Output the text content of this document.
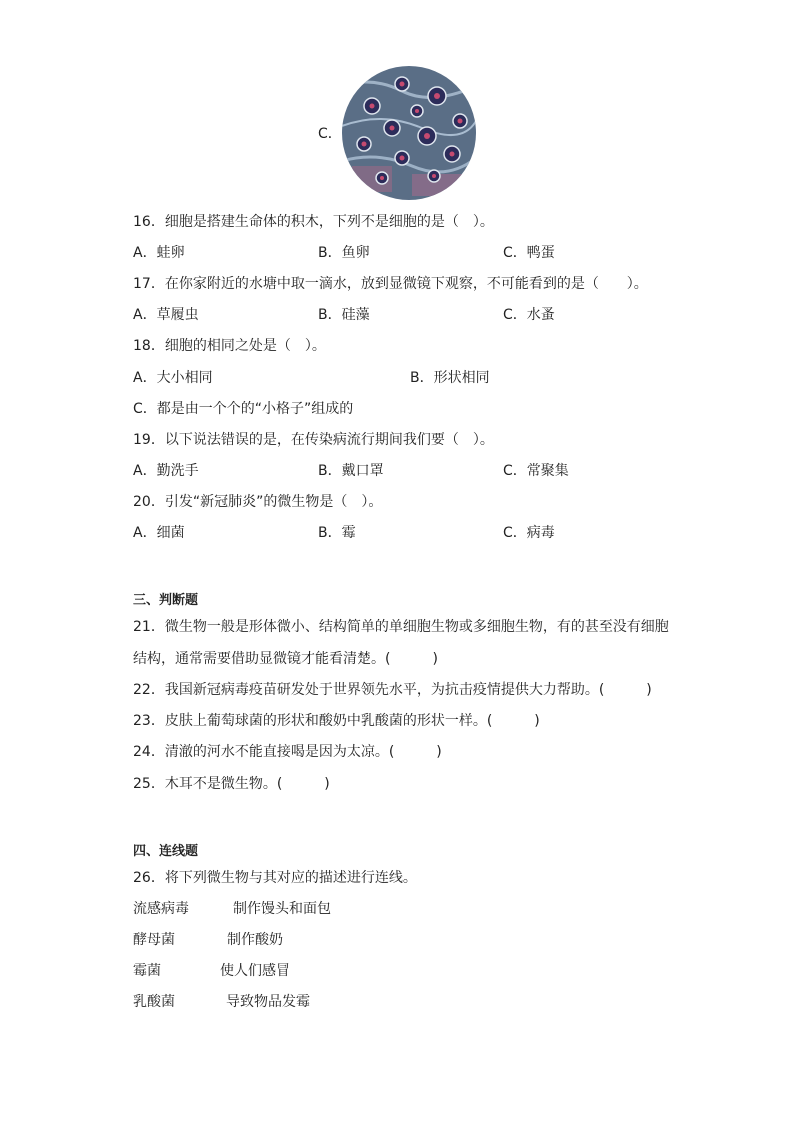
C．
16．细胞是搭建生命体的积木，下列不是细胞的是（　）。
A．蛙卵	B．鱼卵	C．鸭蛋
17．在你家附近的水塘中取一滴水，放到显微镜下观察，不可能看到的是（　　）。
A．草履虫	B．硅藻	C．水蚤
18．细胞的相同之处是（　）。
A．大小相同	B．形状相同
C．都是由一个个的“小格子”组成的
19．以下说法错误的是，在传染病流行期间我们要（　）。
A．勤洗手	B．戴口罩	C．常聚集
20．引发“新冠肺炎”的微生物是（　）。
A．细菌	B．霉	C．病毒
三、判断题
21．微生物一般是形体微小、结构简单的单细胞生物或多细胞生物，有的甚至没有细胞
结构，通常需要借助显微镜才能看清楚。(　　　)
22．我国新冠病毒疫苗研发处于世界领先水平，为抗击疫情提供大力帮助。(　　　)
23．皮肤上葡萄球菌的形状和酸奶中乳酸菌的形状一样。(　　　)
24．清澈的河水不能直接喝是因为太凉。(　　　)
25．木耳不是微生物。(　　　)
四、连线题
26．将下列微生物与其对应的描述进行连线。
流感病毒	制作馒头和面包
酵母菌	制作酸奶
霉菌	使人们感冒
乳酸菌	导致物品发霉
